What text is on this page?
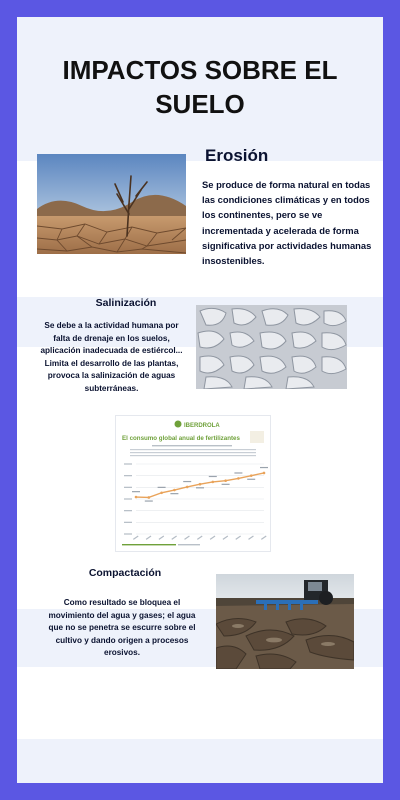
IMPACTOS SOBRE EL SUELO
Erosión

Se produce de forma natural en todas las condiciones climáticas y en todos los continentes, pero se ve incrementada y acelerada de forma significativa por actividades humanas insostenibles.

Salinización

Se debe a la actividad humana por falta de drenaje en los suelos, aplicación inadecuada de estiércol... Limita el desarrollo de las plantas, provoca la salinización de aguas subterráneas.

IBERDROLA
El consumo global anual de fertilizantes
Compactación

Como resultado se bloquea el movimiento del agua y gases; el agua que no se penetra se escurre sobre el cultivo y dando origen a procesos erosivos.
